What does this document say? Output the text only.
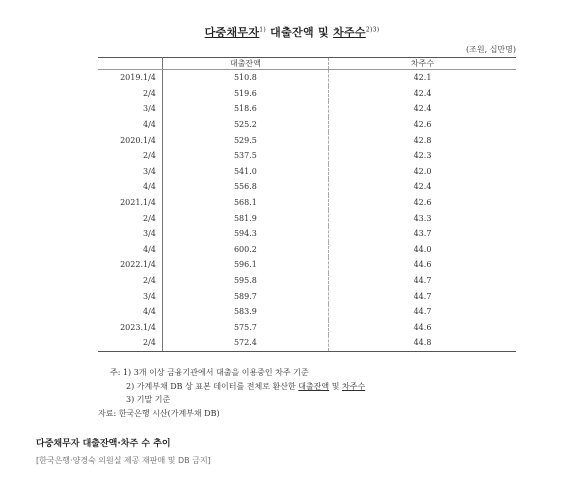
다중채무자$^{1)}$ 대출잔액 및 차주수$^{2)3)}$
(조원, 십만명)
	대출잔액	차주수
2019.1/4	510.8	42.1
2/4	519.6	42.4
3/4	518.6	42.4
4/4	525.2	42.6
2020.1/4	529.5	42.8
2/4	537.5	42.3
3/4	541.0	42.0
4/4	556.8	42.4
2021.1/4	568.1	42.6
2/4	581.9	43.3
3/4	594.3	43.7
4/4	600.2	44.0
2022.1/4	596.1	44.6
2/4	595.8	44.7
3/4	589.7	44.7
4/4	583.9	44.7
2023.1/4	575.7	44.6
2/4	572.4	44.8
주: 1) 3개 이상 금융기관에서 대출을 이용중인 차주 기준
2) 가계부채 DB 상 표본 데이터를 전체로 환산한 대출잔액 및 차주수
3) 기말 기준
자료: 한국은행 시산(가계부채 DB)
다중채무자 대출잔액·차주 수 추이
[한국은행·양경숙 의원실 제공 재판매 및 DB 금지]
